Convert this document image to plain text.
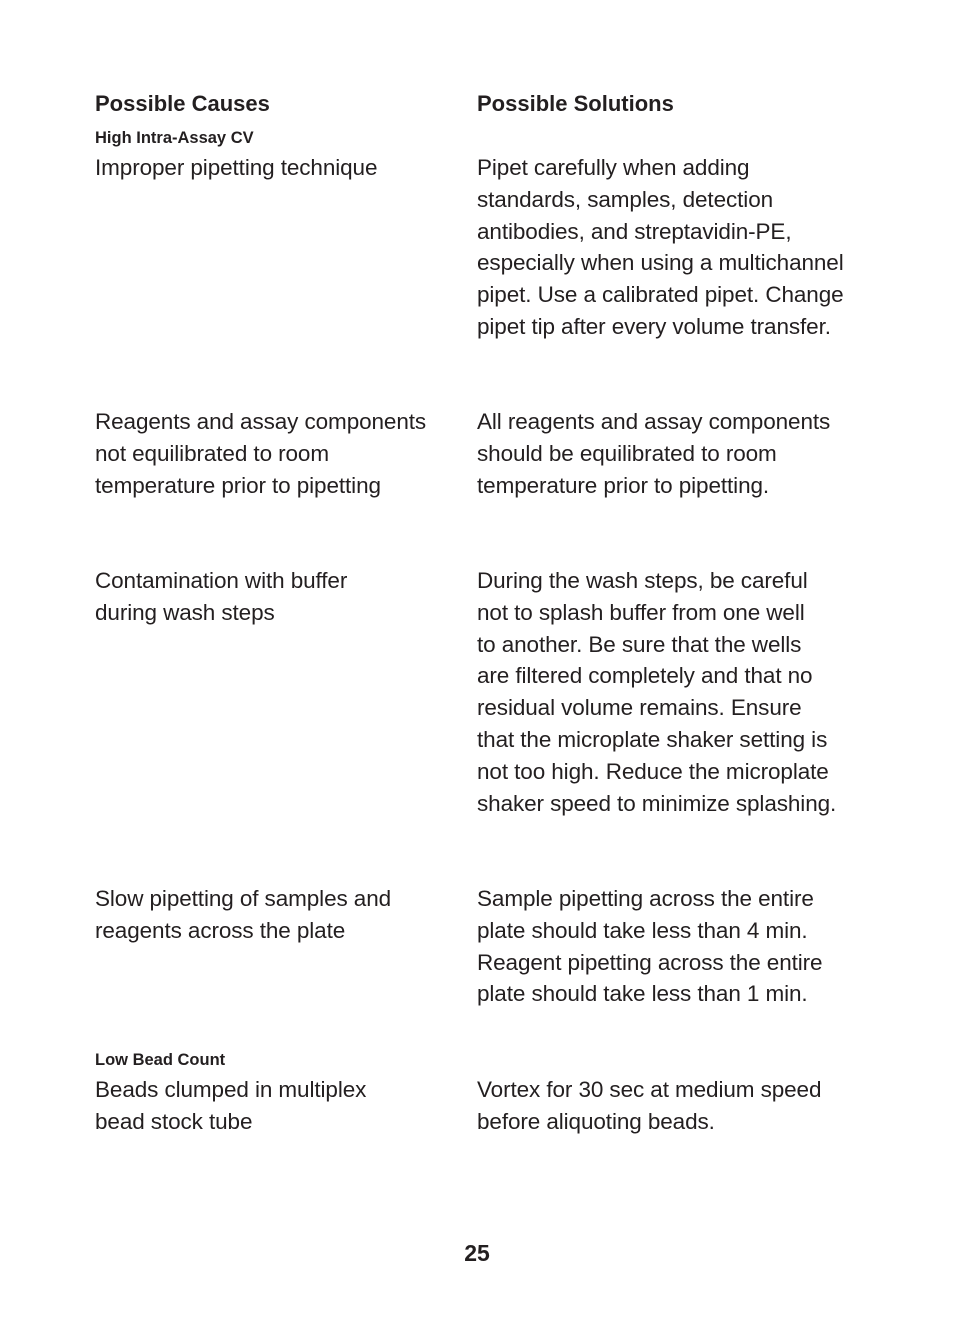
Possible Causes	Possible Solutions
High Intra-Assay CV
Improper pipetting technique	Pipet carefully when adding
standards, samples, detection
antibodies, and streptavidin-PE,
especially when using a multichannel
pipet. Use a calibrated pipet. Change
pipet tip after every volume transfer.
Reagents and assay components
not equilibrated to room
temperature prior to pipetting
All reagents and assay components
should be equilibrated to room
temperature prior to pipetting.
Contamination with buffer
during wash steps
During the wash steps, be careful
not to splash buffer from one well
to another. Be sure that the wells
are filtered completely and that no
residual volume remains. Ensure
that the microplate shaker setting is
not too high. Reduce the microplate
shaker speed to minimize splashing.
Slow pipetting of samples and
reagents across the plate
Sample pipetting across the entire
plate should take less than 4 min.
Reagent pipetting across the entire
plate should take less than 1 min.
Low Bead Count
Beads clumped in multiplex
bead stock tube
Vortex for 30 sec at medium speed
before aliquoting beads.
25
